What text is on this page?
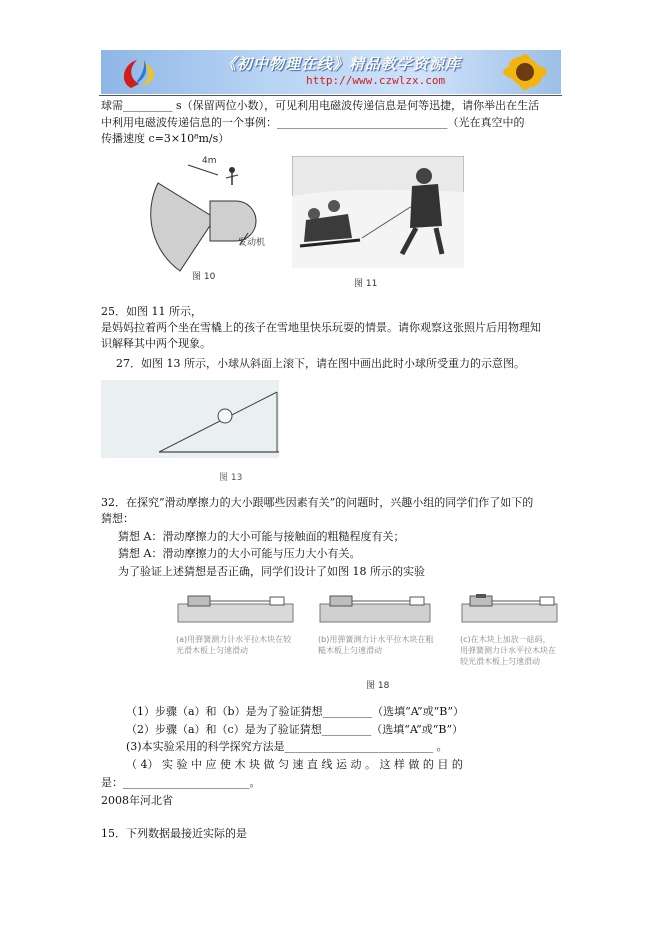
《初中物理在线》精品教学资源库
http://www.czwlzx.com
球需_________ s（保留两位小数），可见利用电磁波传递信息是何等迅捷，请你举出在生活
中利用电磁波传递信息的一个事例：_______________________________（光在真空中的
传播速度 c=3×10⁸m/s）
4m
发动机
图 10
图 11
25．如图 11 所示，
是妈妈拉着两个坐在雪橇上的孩子在雪地里快乐玩耍的情景。请你观察这张照片后用物理知
识解释其中两个现象。
27．如图 13 所示，小球从斜面上滚下，请在图中画出此时小球所受重力的示意图。
图 13
32．在探究”滑动摩擦力的大小跟哪些因素有关”的问题时，兴趣小组的同学们作了如下的
猜想：
猜想 A：滑动摩擦力的大小可能与接触面的粗糙程度有关；
猜想 A：滑动摩擦力的大小可能与压力大小有关。
为了验证上述猜想是否正确，同学们设计了如图 18 所示的实验
(a)用弹簧测力计水平拉木块在较光滑木板上匀速滑动
(b)用弹簧测力计水平拉木块在粗糙木板上匀速滑动
(c)在木块上加放一砝码，用弹簧测力计水平拉木块在较光滑木板上匀速滑动
图 18
（1）步骤（a）和（b）是为了验证猜想_________（选填“A”或“B”）
（2）步骤（a）和（c）是为了验证猜想_________（选填“A”或“B”）
(3)本实验采用的科学探究方法是___________________________ 。
（ 4） 实 验 中 应 使 木 块 做 匀 速 直 线 运 动 。 这 样 做 的 目 的
是：_______________________。
2008年河北省
15．下列数据最接近实际的是
